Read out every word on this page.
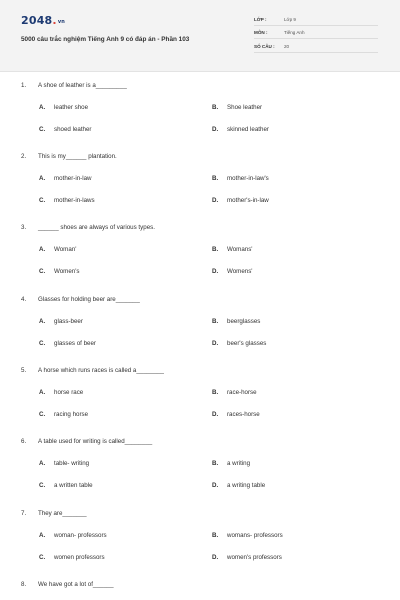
2048.vn
5000 câu trắc nghiệm Tiếng Anh 9 có đáp án - Phần 103
LỚP :	Lớp 9
MÔN :	Tiếng Anh
SỐ CÂU : 20
1. A shoe of leather is a_________
A. leather shoe	B. Shoe leather
C. shoed leather	D. skinned leather
2. This is my______ plantation.
A. mother-in-law	B. mother-in-law's
C. mother-in-laws	D. mother's-in-law
3. ______ shoes are always of various types.
A. Woman'	B. Womans'
C. Women's	D. Womens'
4. Glasses for holding beer are_______
A. glass-beer	B. beerglasses
C. glasses of beer	D. beer's glasses
5. A horse which runs races is called a________
A. horse race	B. race-horse
C. racing horse	D. races-horse
6. A table used for writing is called________
A. table- writing	B. a writing
C. a written table	D. a writing table
7. They are_______
A. woman- professors	B. womans- professors
C. women professors	D. women's professors
8. We have got a lot of______
